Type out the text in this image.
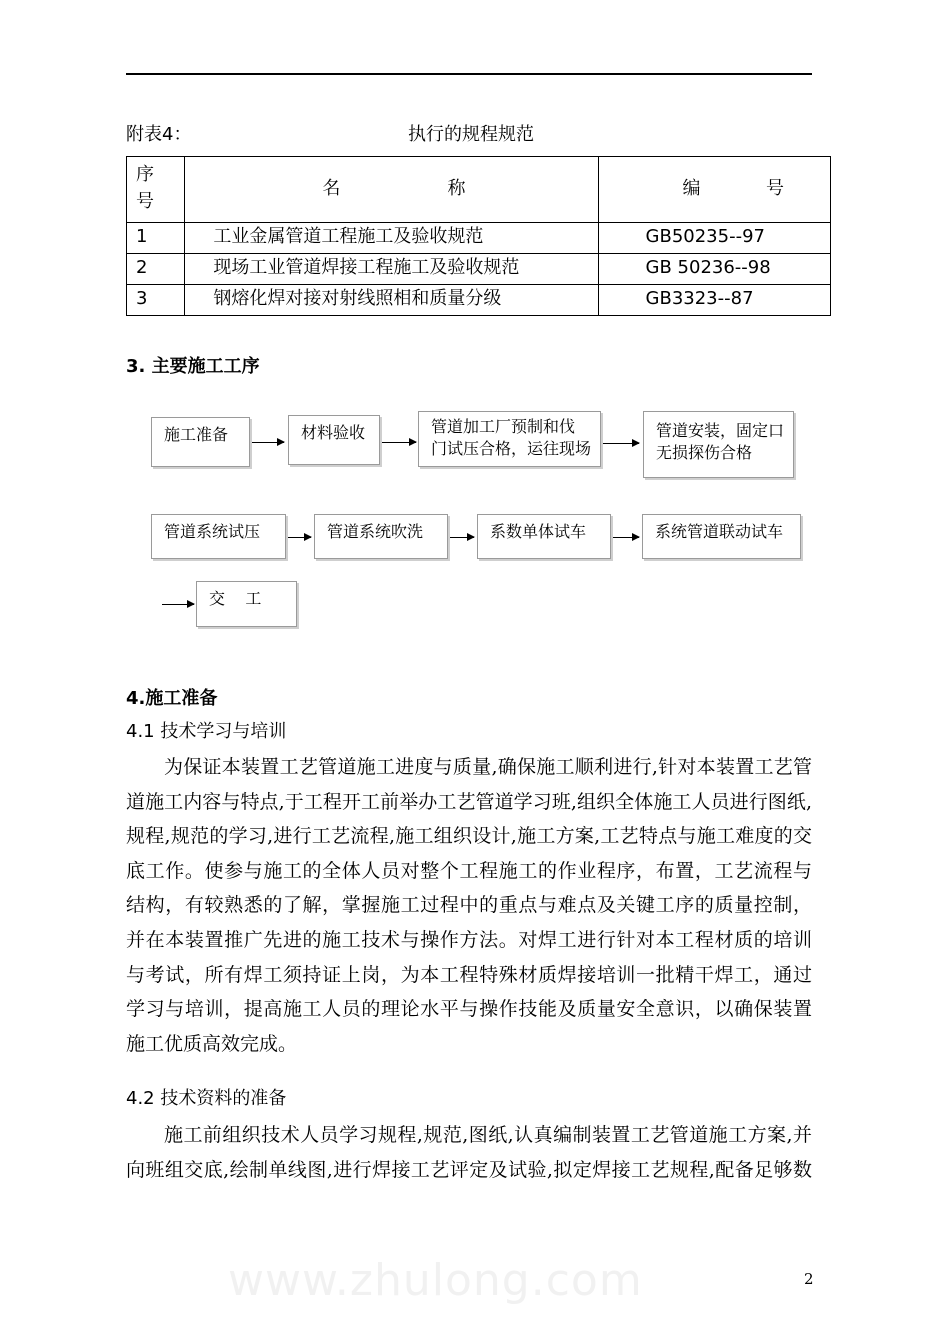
附表4：	执行的规程规范
序
号	名 称	编 号

1	工业金属管道工程施工及验收规范	GB50235--97

2	现场工业管道焊接工程施工及验收规范	GB 50236--98

3	钢熔化焊对接对射线照相和质量分级	GB3323--87
3. 主要施工工序
施工准备	材料验收	管道加工厂预制和伐
门试压合格，运往现场
管道安装，固定口
无损探伤合格
管道系统试压	管道系统吹洗	系数单体试车	系统管道联动试车
交    工
4.施工准备
4.1 技术学习与培训
为保证本装置工艺管道施工进度与质量,确保施工顺利进行,针对本装置工艺管
道施工内容与特点,于工程开工前举办工艺管道学习班,组织全体施工人员进行图纸,
规程,规范的学习,进行工艺流程,施工组织设计,施工方案,工艺特点与施工难度的交
底工作。使参与施工的全体人员对整个工程施工的作业程序，布置，工艺流程与
结构，有较熟悉的了解，掌握施工过程中的重点与难点及关键工序的质量控制，
并在本装置推广先进的施工技术与操作方法。对焊工进行针对本工程材质的培训
与考试，所有焊工须持证上岗，为本工程特殊材质焊接培训一批精干焊工，通过
学习与培训，提高施工人员的理论水平与操作技能及质量安全意识，以确保装置
施工优质高效完成。
4.2 技术资料的准备
施工前组织技术人员学习规程,规范,图纸,认真编制装置工艺管道施工方案,并
向班组交底,绘制单线图,进行焊接工艺评定及试验,拟定焊接工艺规程,配备足够数
www.zhulong.com	2
